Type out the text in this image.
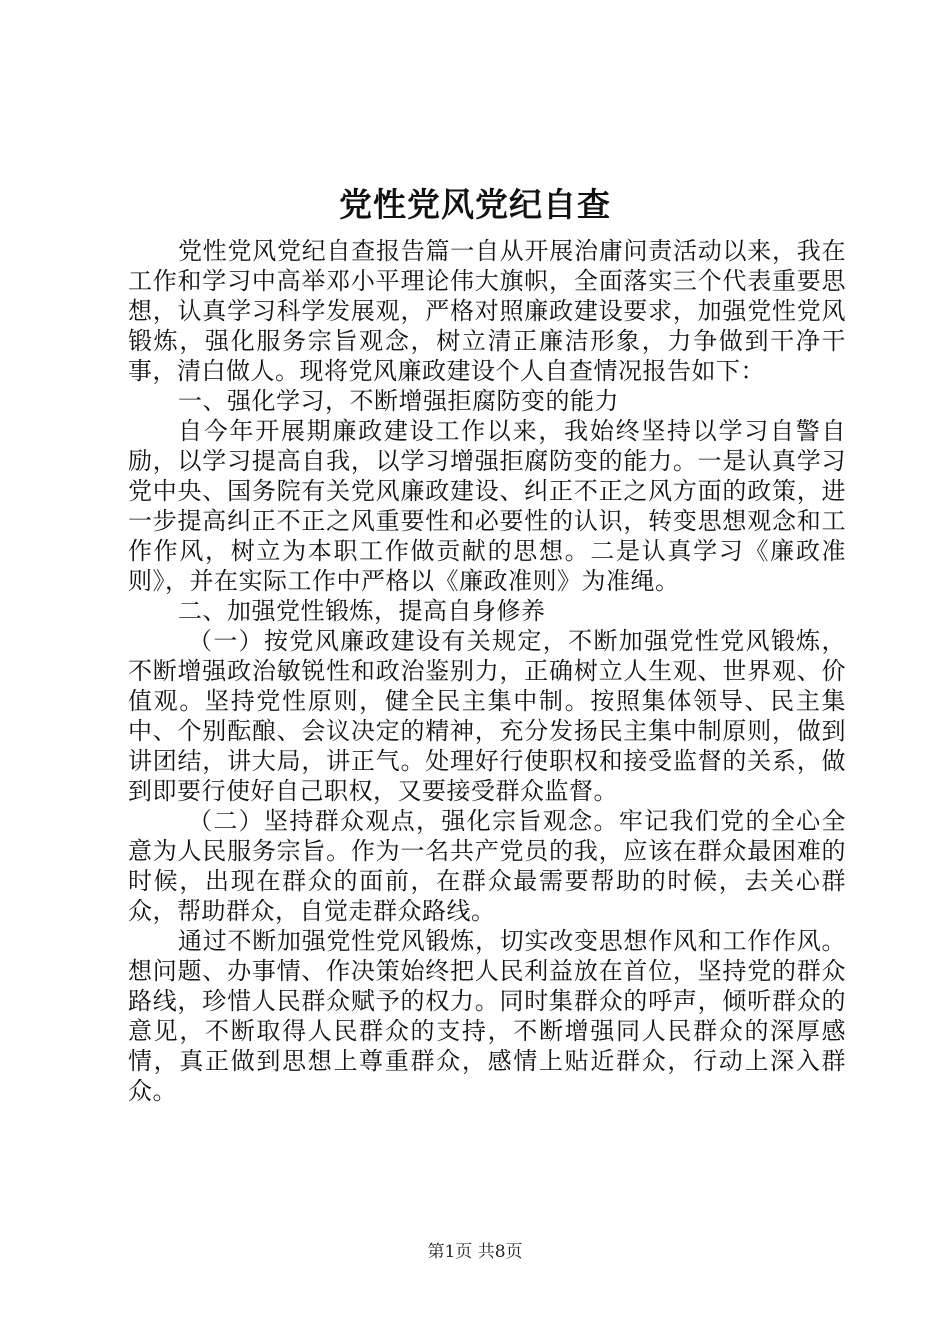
党性党风党纪自查

党性党风党纪自查报告篇一自从开展治庸问责活动以来，我在工作和学习中高举邓小平理论伟大旗帜，全面落实三个代表重要思想，认真学习科学发展观，严格对照廉政建设要求，加强党性党风锻炼，强化服务宗旨观念，树立清正廉洁形象，力争做到干净干事，清白做人。现将党风廉政建设个人自查情况报告如下：

一、强化学习，不断增强拒腐防变的能力

自今年开展期廉政建设工作以来，我始终坚持以学习自警自励，以学习提高自我，以学习增强拒腐防变的能力。一是认真学习党中央、国务院有关党风廉政建设、纠正不正之风方面的政策，进一步提高纠正不正之风重要性和必要性的认识，转变思想观念和工作作风，树立为本职工作做贡献的思想。二是认真学习《廉政准则》，并在实际工作中严格以《廉政准则》为准绳。

二、加强党性锻炼，提高自身修养

（一）按党风廉政建设有关规定，不断加强党性党风锻炼，不断增强政治敏锐性和政治鉴别力，正确树立人生观、世界观、价值观。坚持党性原则，健全民主集中制。按照集体领导、民主集中、个别酝酿、会议决定的精神，充分发扬民主集中制原则，做到讲团结，讲大局，讲正气。处理好行使职权和接受监督的关系，做到即要行使好自己职权，又要接受群众监督。

（二）坚持群众观点，强化宗旨观念。牢记我们党的全心全意为人民服务宗旨。作为一名共产党员的我，应该在群众最困难的时候，出现在群众的面前，在群众最需要帮助的时候，去关心群众，帮助群众，自觉走群众路线。

通过不断加强党性党风锻炼，切实改变思想作风和工作作风。想问题、办事情、作决策始终把人民利益放在首位，坚持党的群众路线，珍惜人民群众赋予的权力。同时集群众的呼声，倾听群众的意见，不断取得人民群众的支持，不断增强同人民群众的深厚感情，真正做到思想上尊重群众，感情上贴近群众，行动上深入群众。

第1页 共8页
